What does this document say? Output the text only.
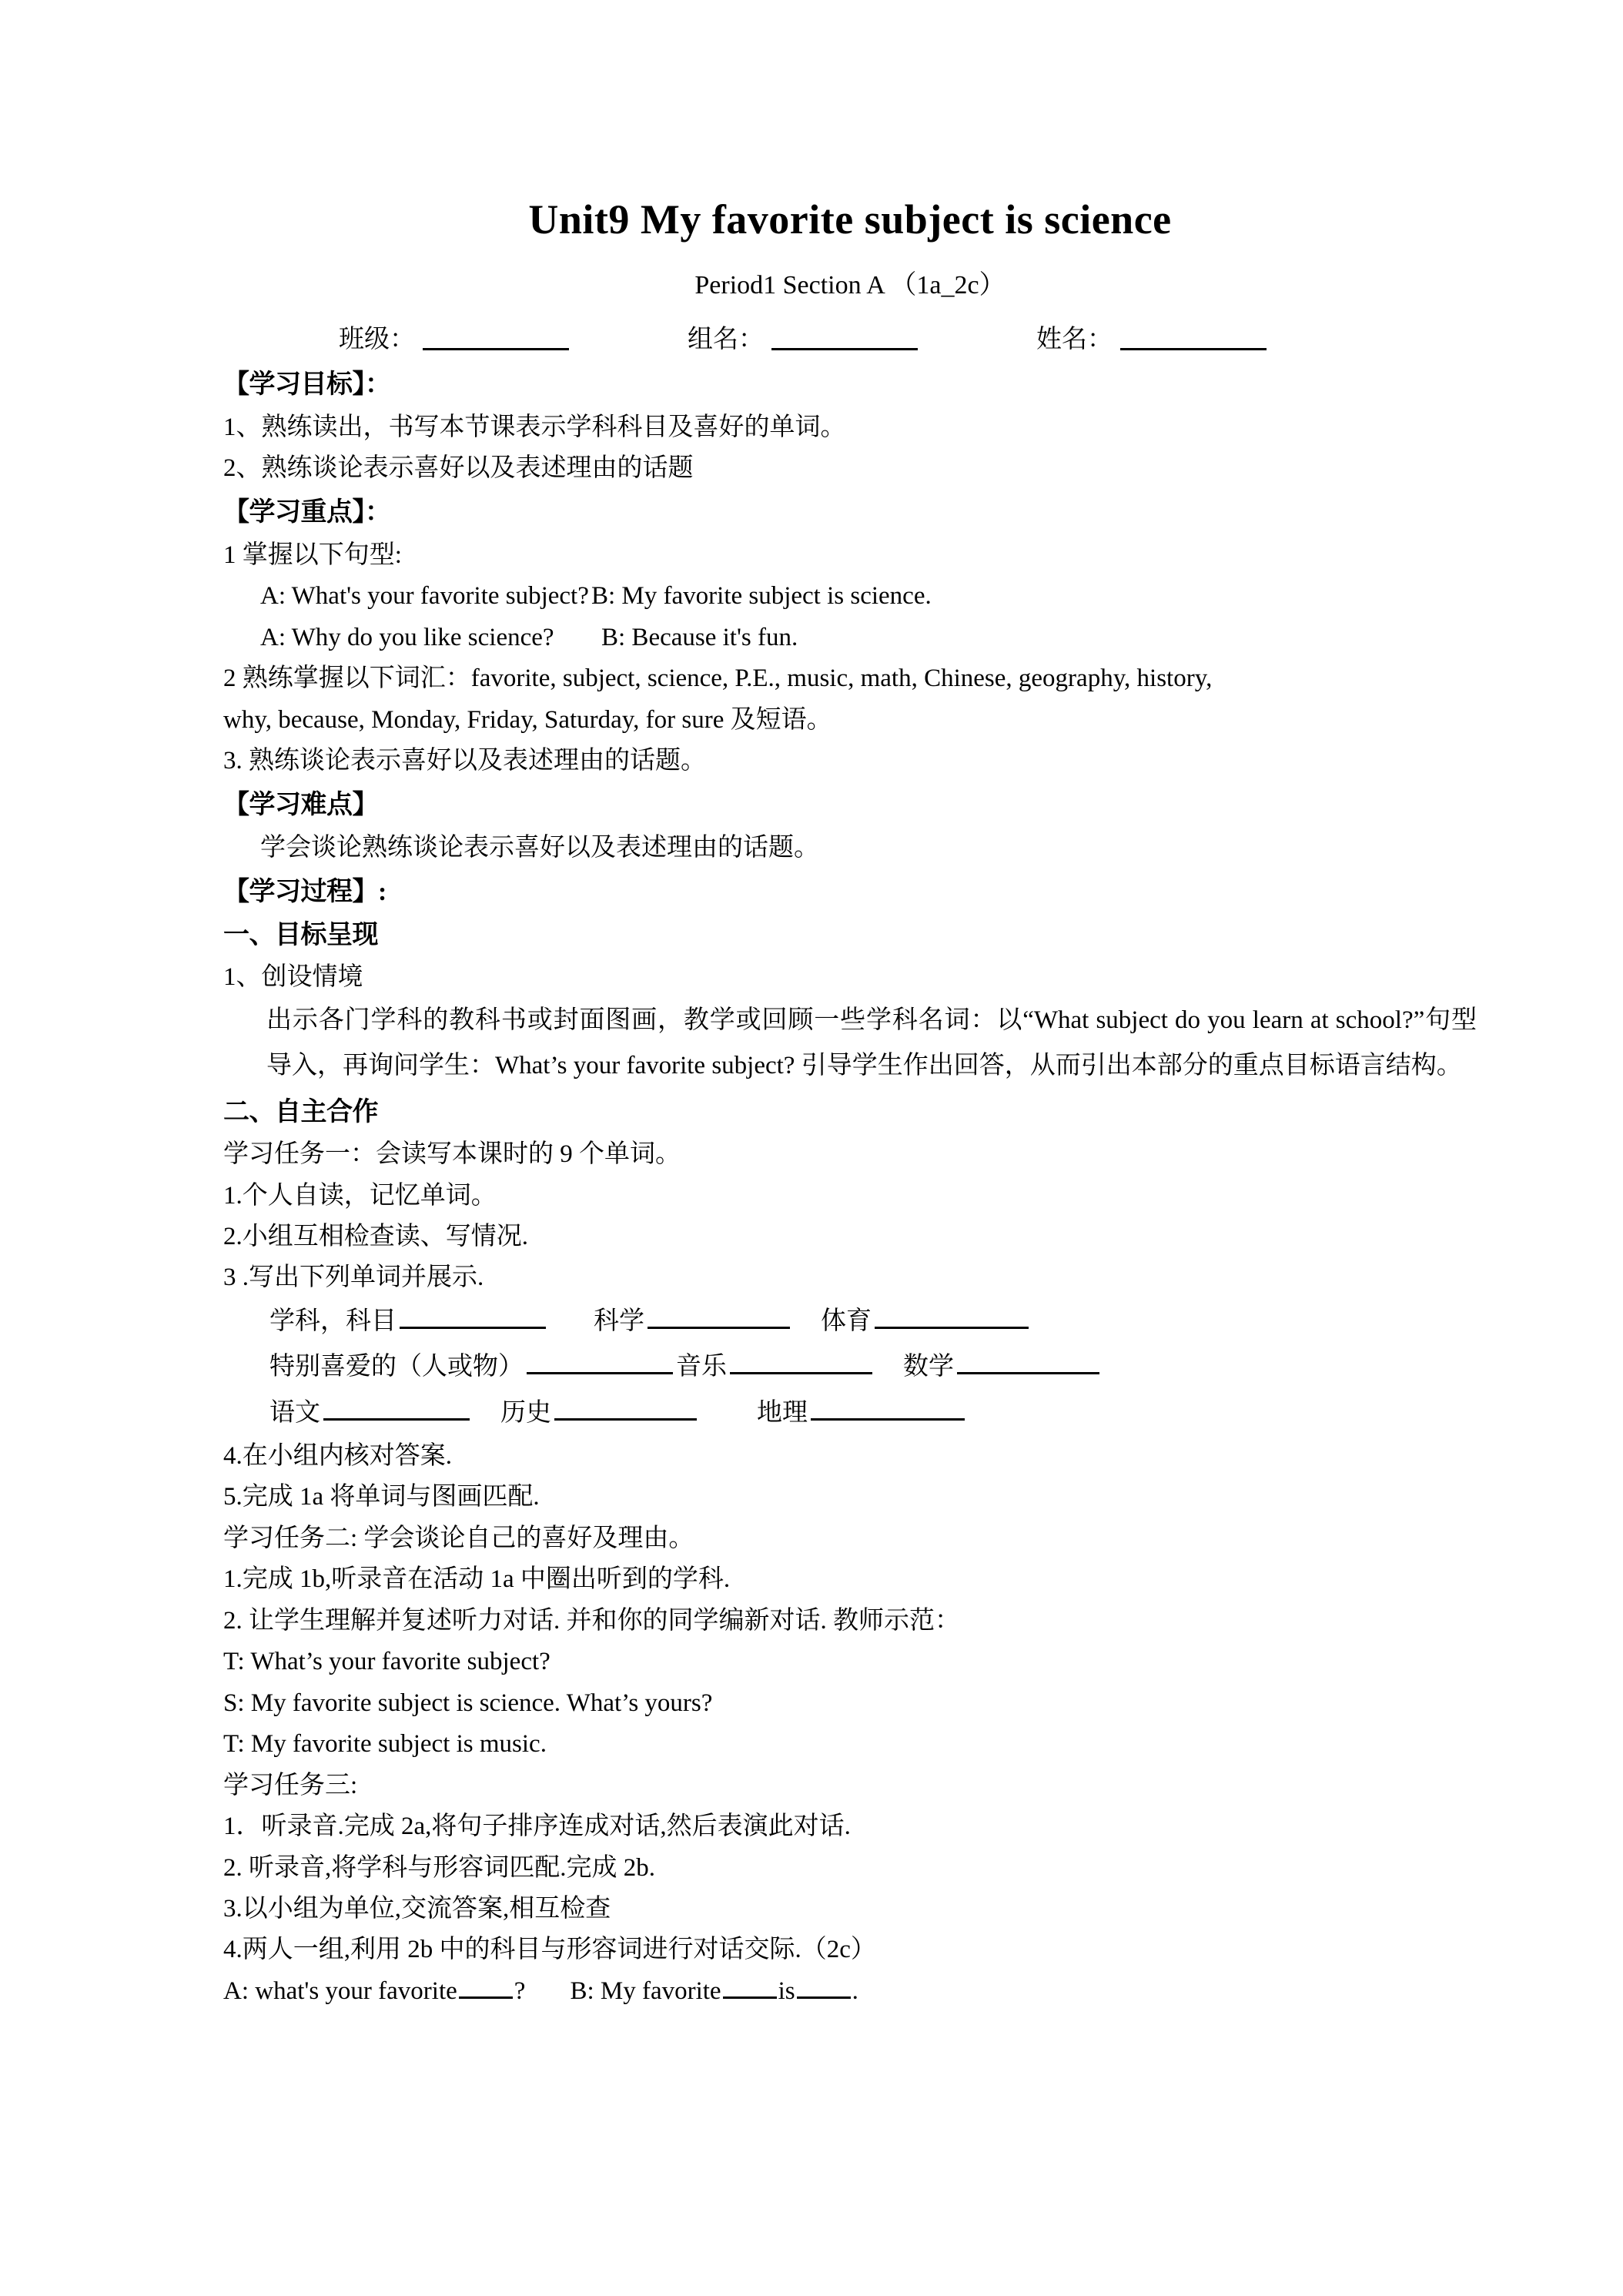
Unit9 My favorite subject is science
Period1 Section A （1a_2c）
班级：	组名：	姓名：
【学习目标】：
1、熟练读出，书写本节课表示学科科目及喜好的单词。
2、熟练谈论表示喜好以及表述理由的话题
【学习重点】：
1 掌握以下句型:
A: What's your favorite subject? B: My favorite subject is science.
A: Why do you like science?	B: Because it's fun.
2 熟练掌握以下词汇：favorite, subject, science, P.E., music, math, Chinese, geography, history,
why, because, Monday, Friday, Saturday, for sure 及短语。
3. 熟练谈论表示喜好以及表述理由的话题。
【学习难点】
学会谈论熟练谈论表示喜好以及表述理由的话题。
【学习过程】:
一、目标呈现
1、创设情境
出示各门学科的教科书或封面图画，教学或回顾一些学科名词：以“What subject do you learn at school?”句型导入，再询问学生：What’s your favorite subject? 引导学生作出回答，从而引出本部分的重点目标语言结构。
二、自主合作
学习任务一：会读写本课时的 9 个单词。
1.个人自读，记忆单词。
2.小组互相检查读、写情况.
3 .写出下列单词并展示.
学科，科目	科学	体育
特别喜爱的（人或物）	音乐	数学
语文	历史	地理
4.在小组内核对答案.
5.完成 1a 将单词与图画匹配.
学习任务二: 学会谈论自己的喜好及理由。
1.完成 1b,听录音在活动 1a 中圈出听到的学科.
2. 让学生理解并复述听力对话. 并和你的同学编新对话. 教师示范：
T: What’s your favorite subject?
S: My favorite subject is science. What’s yours?
T: My favorite subject is music.
学习任务三:
1．听录音.完成 2a,将句子排序连成对话,然后表演此对话.
2. 听录音,将学科与形容词匹配.完成 2b.
3.以小组为单位,交流答案,相互检查
4.两人一组,利用 2b 中的科目与形容词进行对话交际.（2c）
A: what's your favorite ? B: My favorite is .
